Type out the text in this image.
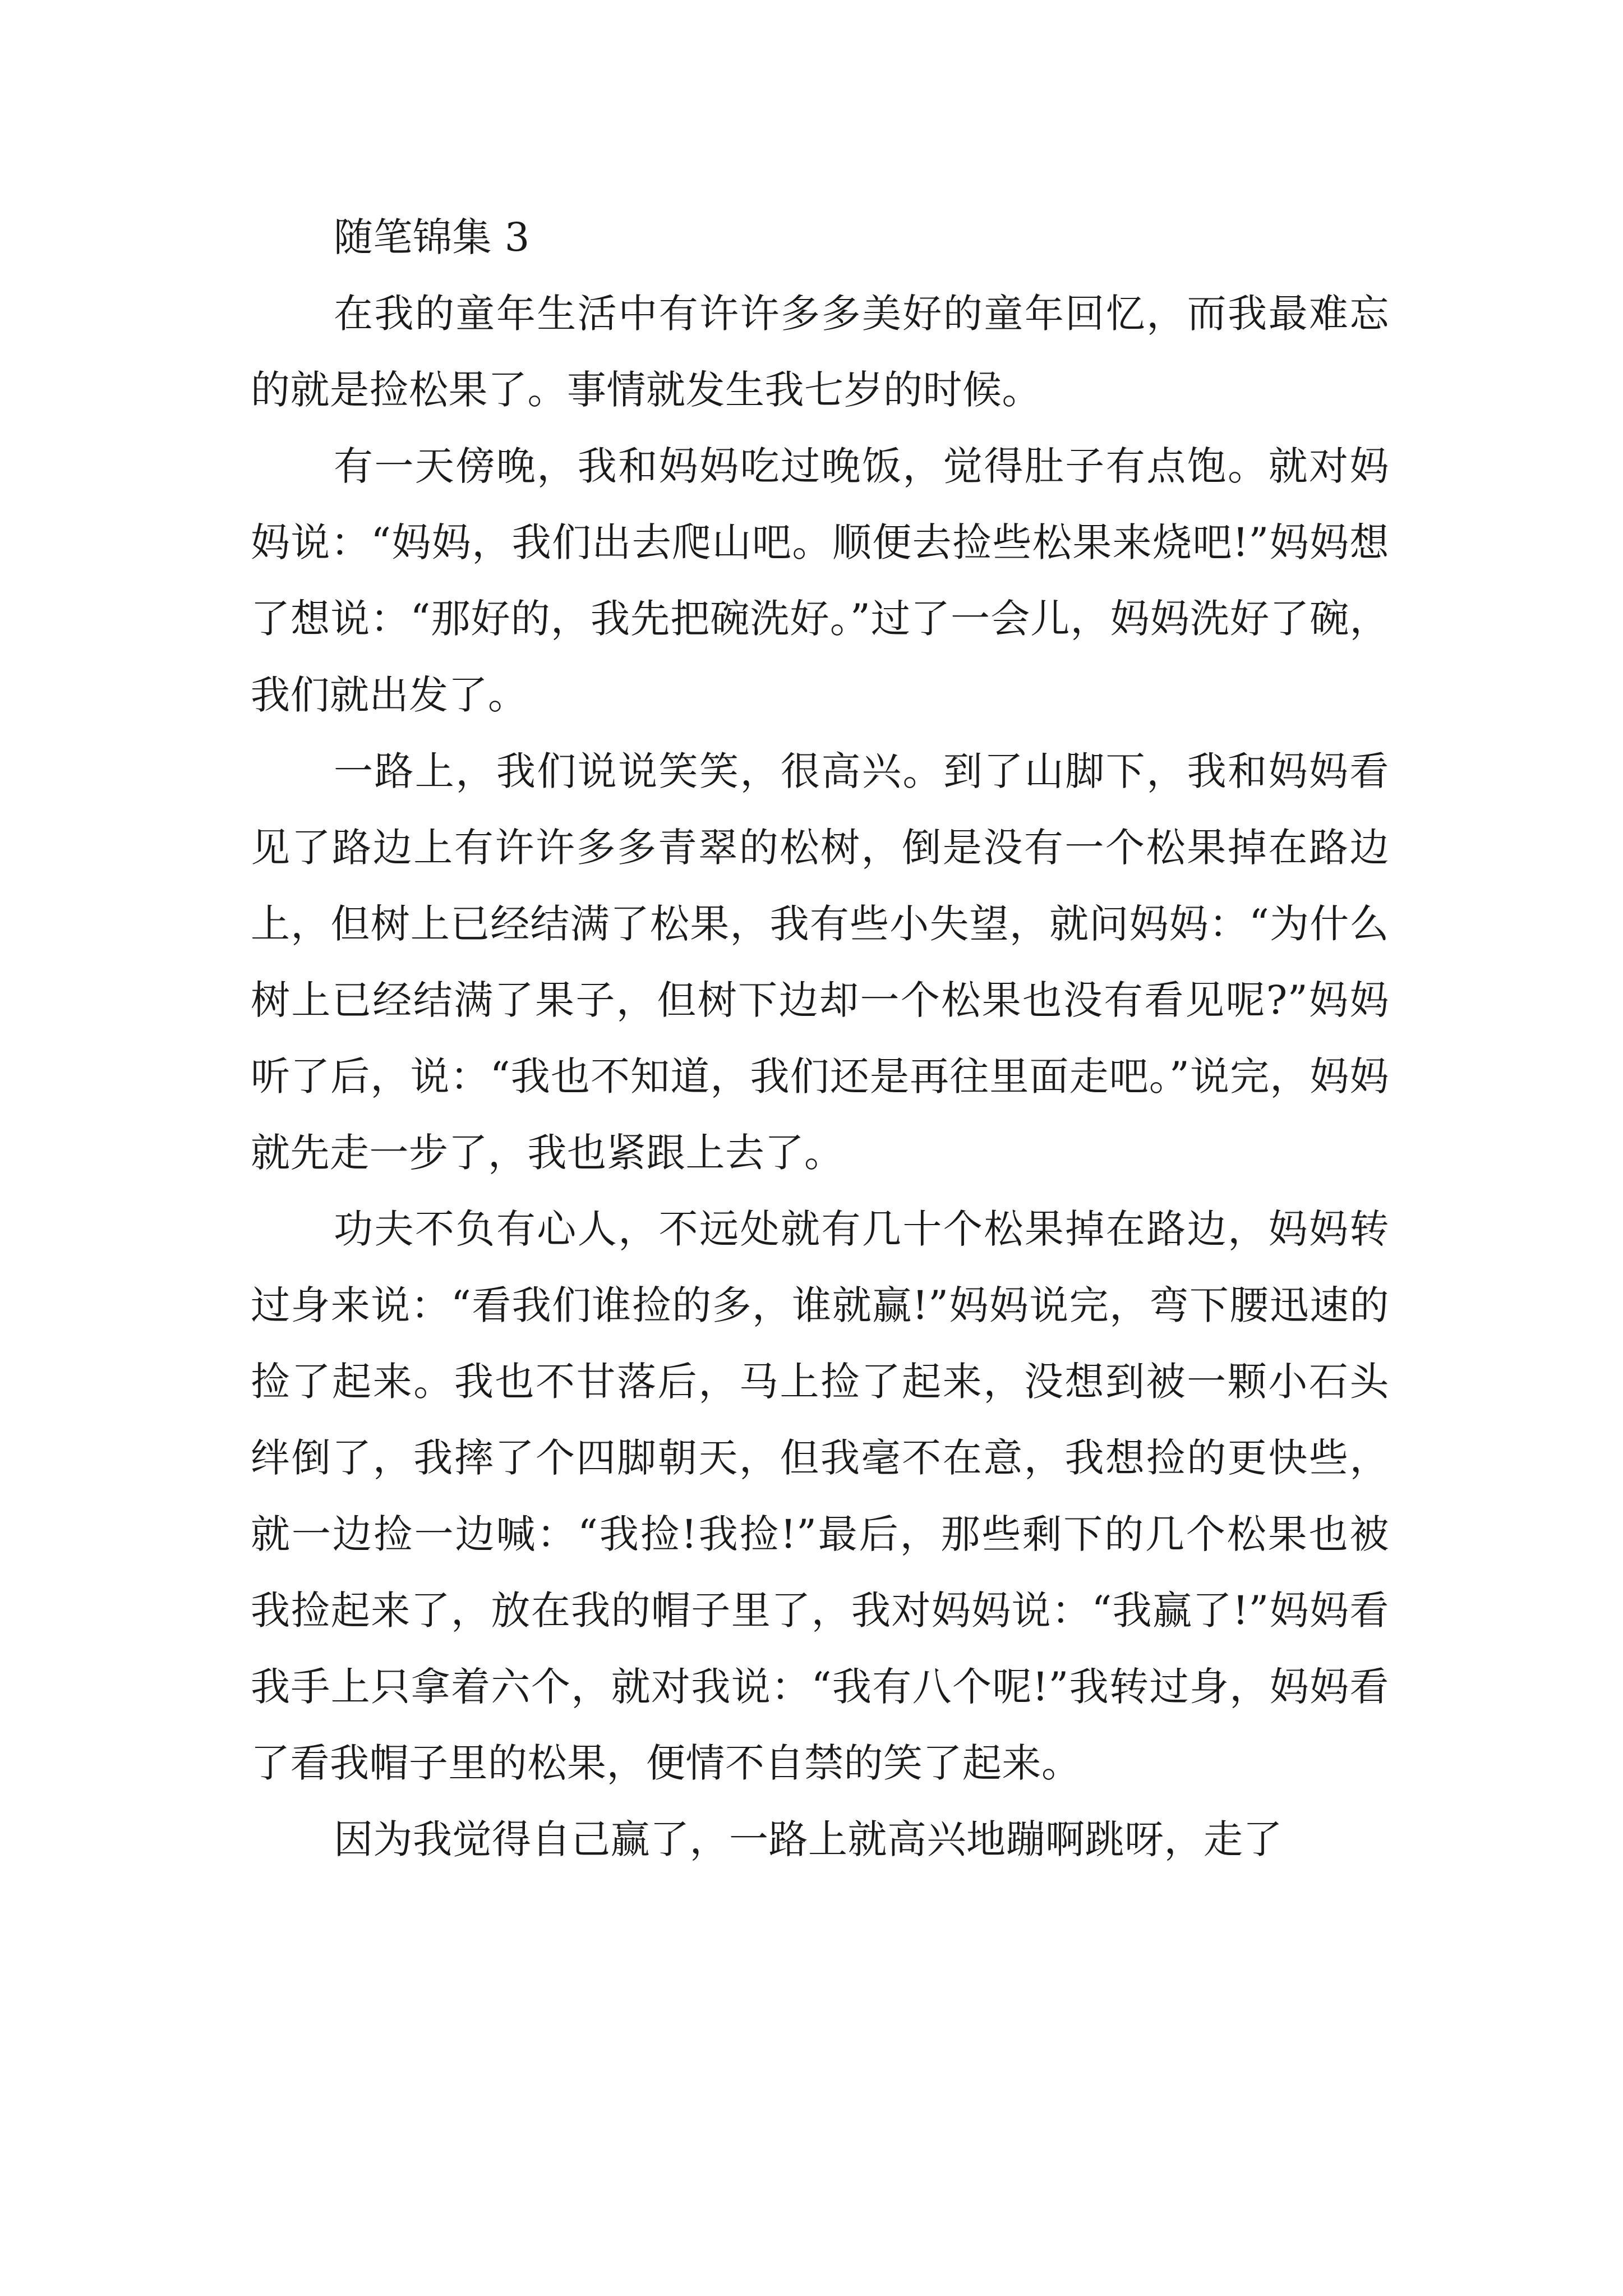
随笔锦集 3

在我的童年生活中有许许多多美好的童年回忆，而我最难忘的就是捡松果了。事情就发生我七岁的时候。

有一天傍晚，我和妈妈吃过晚饭，觉得肚子有点饱。就对妈妈说：“妈妈，我们出去爬山吧。顺便去捡些松果来烧吧!”妈妈想了想说：“那好的，我先把碗洗好。”过了一会儿，妈妈洗好了碗，我们就出发了。

一路上，我们说说笑笑，很高兴。到了山脚下，我和妈妈看见了路边上有许许多多青翠的松树，倒是没有一个松果掉在路边上，但树上已经结满了松果，我有些小失望，就问妈妈：“为什么树上已经结满了果子，但树下边却一个松果也没有看见呢?”妈妈听了后，说：“我也不知道，我们还是再往里面走吧。”说完，妈妈就先走一步了，我也紧跟上去了。

功夫不负有心人，不远处就有几十个松果掉在路边，妈妈转过身来说：“看我们谁捡的多，谁就赢!”妈妈说完，弯下腰迅速的捡了起来。我也不甘落后，马上捡了起来，没想到被一颗小石头绊倒了，我摔了个四脚朝天，但我毫不在意，我想捡的更快些，就一边捡一边喊：“我捡!我捡!”最后，那些剩下的几个松果也被我捡起来了，放在我的帽子里了，我对妈妈说：“我赢了!”妈妈看我手上只拿着六个，就对我说：“我有八个呢!”我转过身，妈妈看了看我帽子里的松果，便情不自禁的笑了起来。

因为我觉得自己赢了，一路上就高兴地蹦啊跳呀，走了
